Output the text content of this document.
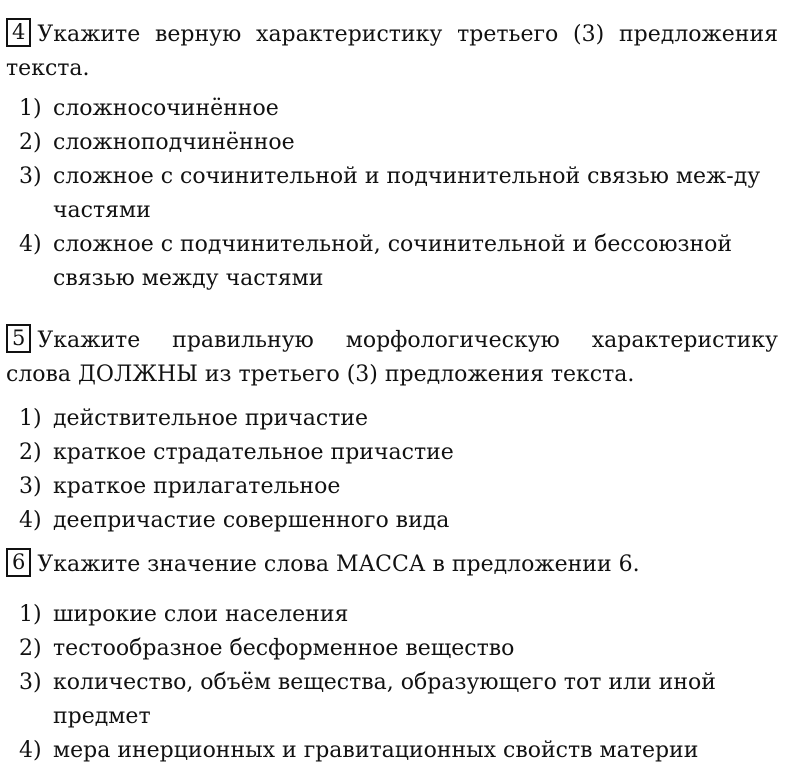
4 Укажите верную характеристику третьего (3) предложения текста.

1) сложносочинённое
2) сложноподчинённое
3) сложное с сочинительной и подчинительной связью меж-ду частями
4) сложное с подчинительной, сочинительной и бессоюзной связью между частями

5 Укажите правильную морфологическую характеристику
слова ДОЛЖНЫ из третьего (3) предложения текста.

1) действительное причастие
2) краткое страдательное причастие
3) краткое прилагательное
4) деепричастие совершенного вида

6 Укажите значение слова МАССА в предложении 6.

1) широкие слои населения
2) тестообразное бесформенное вещество
3) количество, объём вещества, образующего тот или иной предмет
4) мера инерционных и гравитационных свойств материи
